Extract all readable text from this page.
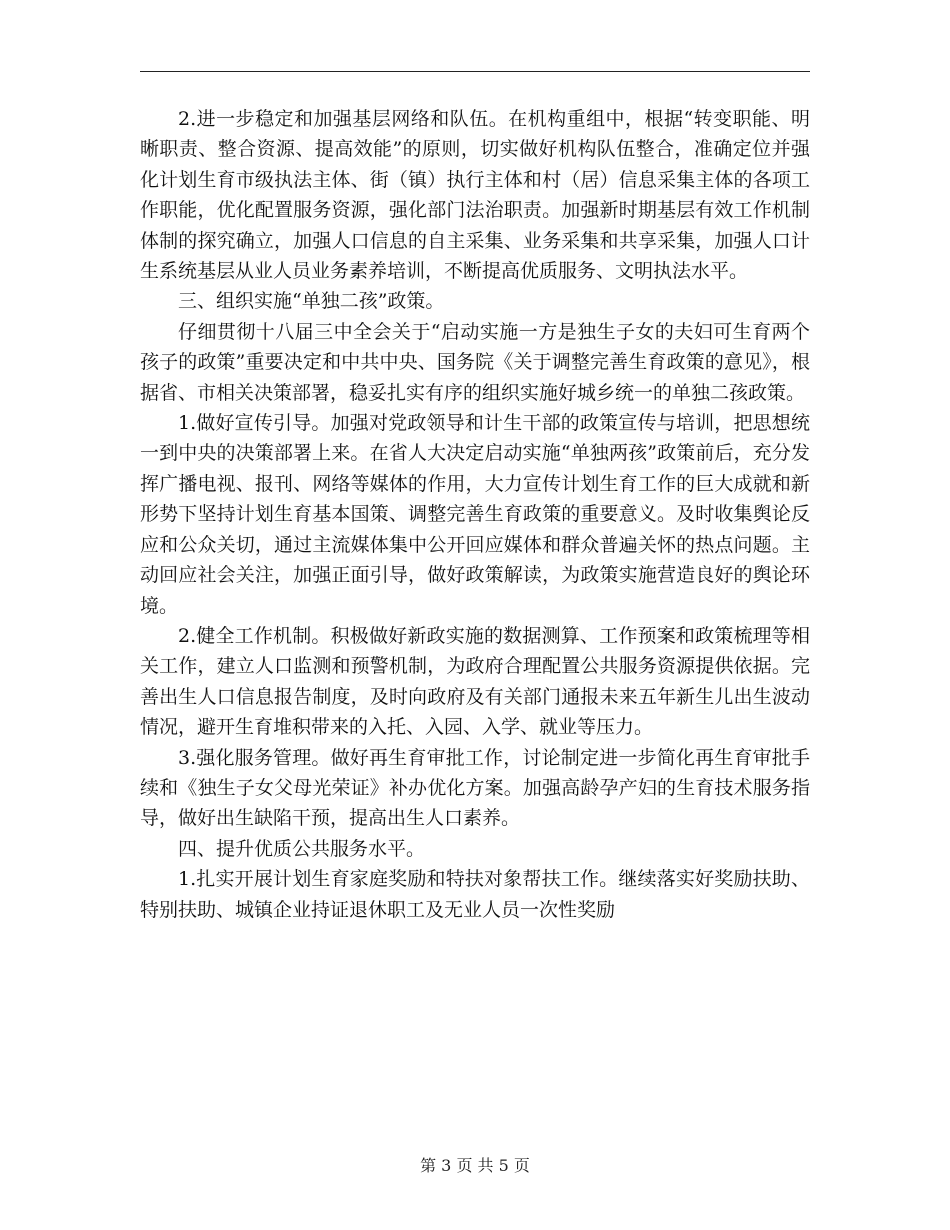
2.进一步稳定和加强基层网络和队伍。在机构重组中，根据“转变职能、明晰职责、整合资源、提高效能”的原则，切实做好机构队伍整合，准确定位并强化计划生育市级执法主体、街（镇）执行主体和村（居）信息采集主体的各项工作职能，优化配置服务资源，强化部门法治职责。加强新时期基层有效工作机制体制的探究确立，加强人口信息的自主采集、业务采集和共享采集，加强人口计生系统基层从业人员业务素养培训，不断提高优质服务、文明执法水平。

三、组织实施“单独二孩”政策。

仔细贯彻十八届三中全会关于“启动实施一方是独生子女的夫妇可生育两个孩子的政策”重要决定和中共中央、国务院《关于调整完善生育政策的意见》，根据省、市相关决策部署，稳妥扎实有序的组织实施好城乡统一的单独二孩政策。

1.做好宣传引导。加强对党政领导和计生干部的政策宣传与培训，把思想统一到中央的决策部署上来。在省人大决定启动实施“单独两孩”政策前后，充分发挥广播电视、报刊、网络等媒体的作用，大力宣传计划生育工作的巨大成就和新形势下坚持计划生育基本国策、调整完善生育政策的重要意义。及时收集舆论反应和公众关切，通过主流媒体集中公开回应媒体和群众普遍关怀的热点问题。主动回应社会关注，加强正面引导，做好政策解读，为政策实施营造良好的舆论环境。

2.健全工作机制。积极做好新政实施的数据测算、工作预案和政策梳理等相关工作，建立人口监测和预警机制，为政府合理配置公共服务资源提供依据。完善出生人口信息报告制度，及时向政府及有关部门通报未来五年新生儿出生波动情况，避开生育堆积带来的入托、入园、入学、就业等压力。

3.强化服务管理。做好再生育审批工作，讨论制定进一步简化再生育审批手续和《独生子女父母光荣证》补办优化方案。加强高龄孕产妇的生育技术服务指导，做好出生缺陷干预，提高出生人口素养。

四、提升优质公共服务水平。

1.扎实开展计划生育家庭奖励和特扶对象帮扶工作。继续落实好奖励扶助、特别扶助、城镇企业持证退休职工及无业人员一次性奖励

第 3 页 共 5 页
